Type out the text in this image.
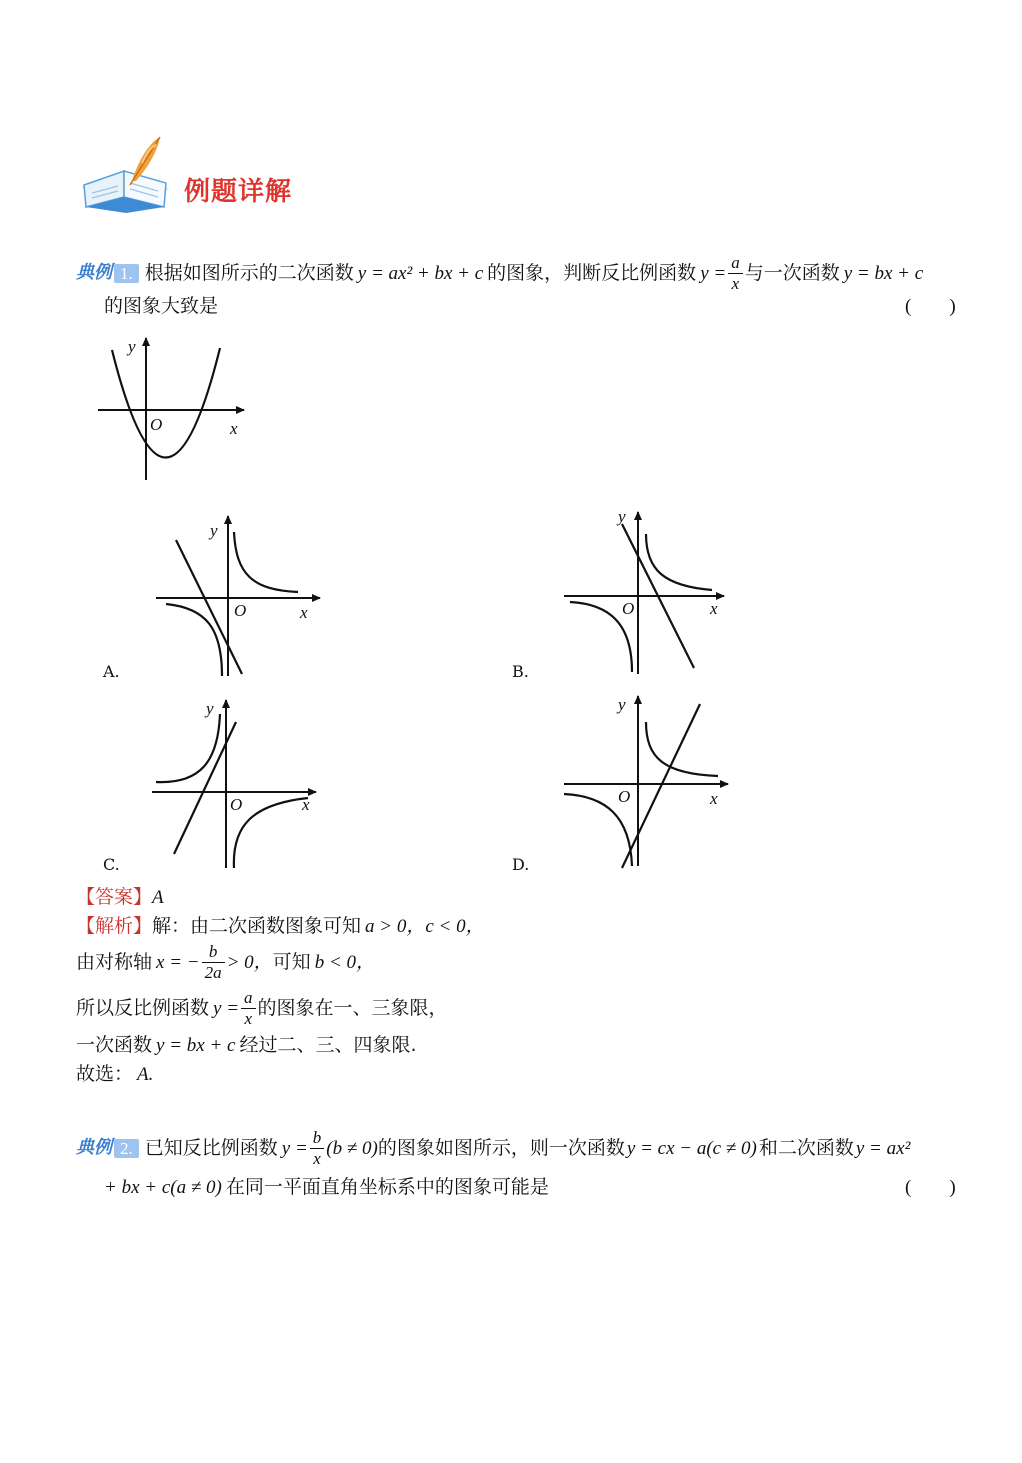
例题详解
典例 1. 根据如图所示的二次函数 y = ax² + bx + c 的图象，判断反比例函数 $y = \frac{a}{x}$ 与一次函数 y = bx + c
的图象大致是	(　　)
y
O	x
y
O	x
A.
y
O	x
B.
y
O	x
C.
y
O	x
D.
【答案】A
【解析】解：由二次函数图象可知 a > 0，c < 0，
由对称轴 x = − $\frac{b}{2a} > 0$， 可知 b < 0，
所以反比例函数 $y = \frac{a}{x}$ 的图象在一、三象限，
一次函数 y = bx + c 经过二、三、四象限.
故选： A.
典例 2. 已知反比例函数 $y = \frac{b}{x} (b \ne 0)$ 的图象如图所示，则一次函数 y = cx − a(c ≠ 0) 和二次函数 y = ax²
+ bx + c(a ≠ 0) 在同一平面直角坐标系中的图象可能是	(　　)
